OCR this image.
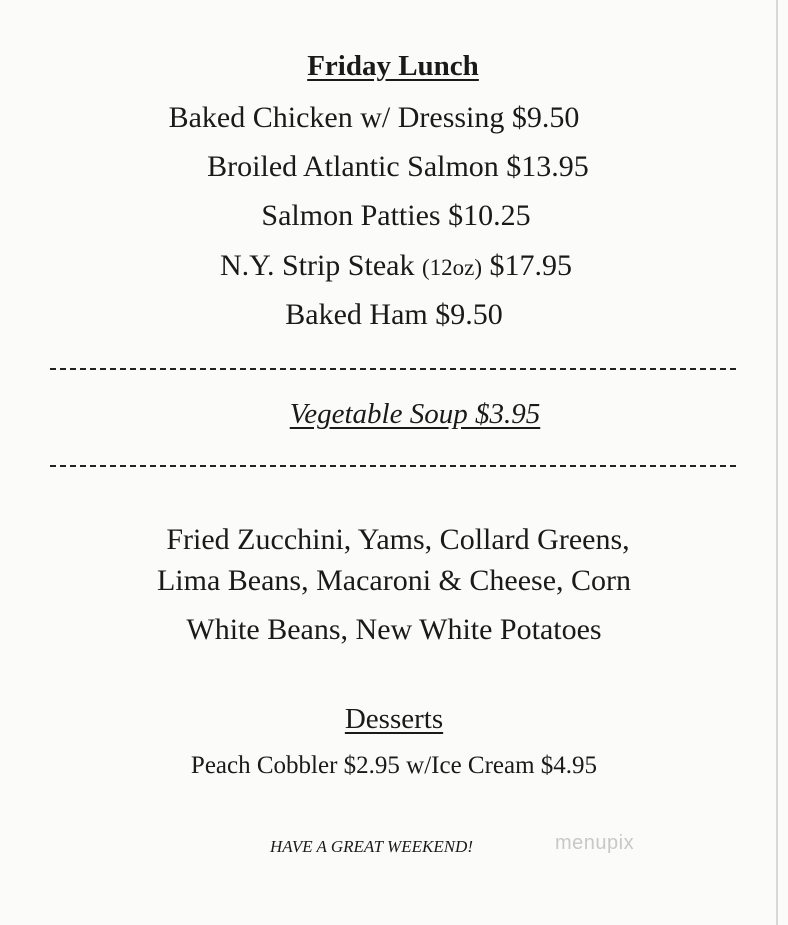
Friday Lunch
Baked Chicken w/ Dressing $9.50
Broiled Atlantic Salmon $13.95
Salmon Patties $10.25
N.Y. Strip Steak (12oz) $17.95
Baked Ham $9.50
Vegetable Soup $3.95
Fried Zucchini, Yams, Collard Greens,
Lima Beans, Macaroni & Cheese, Corn
White Beans, New White Potatoes
Desserts
Peach Cobbler $2.95 w/Ice Cream $4.95
HAVE A GREAT WEEKEND!	menupix
